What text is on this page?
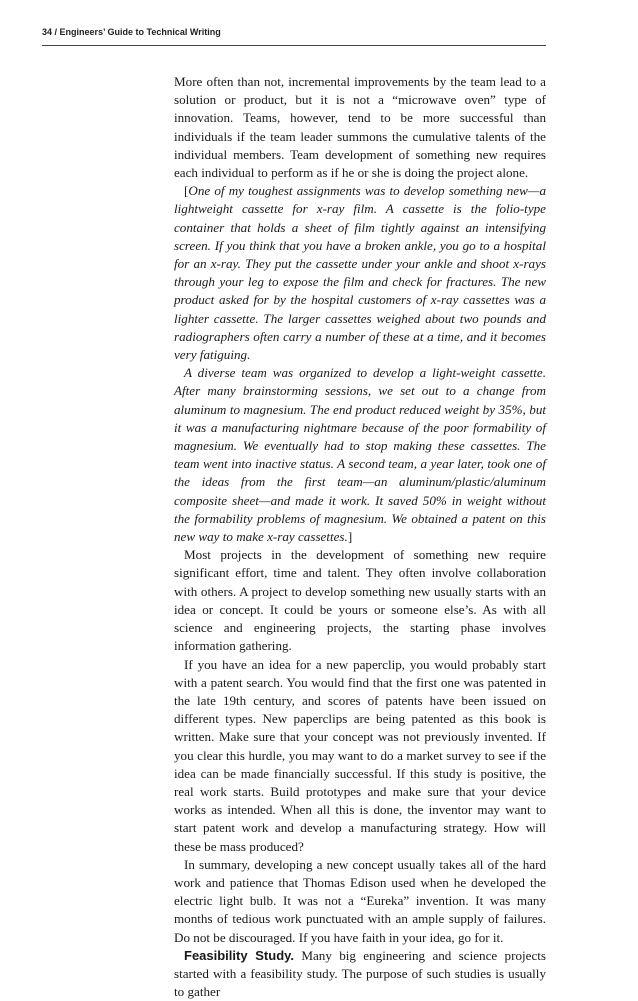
34 / Engineers’ Guide to Technical Writing

More often than not, incremental improvements by the team lead to a solution or product, but it is not a “microwave oven” type of innovation. Teams, however, tend to be more successful than individuals if the team leader summons the cumulative talents of the individual members. Team development of something new requires each individual to perform as if he or she is doing the project alone.

[One of my toughest assignments was to develop something new—a lightweight cassette for x-ray film. A cassette is the folio-type container that holds a sheet of film tightly against an intensifying screen. If you think that you have a broken ankle, you go to a hospital for an x-ray. They put the cassette under your ankle and shoot x-rays through your leg to expose the film and check for fractures. The new product asked for by the hospital customers of x-ray cassettes was a lighter cassette. The larger cassettes weighed about two pounds and radiographers often carry a number of these at a time, and it becomes very fatiguing.

A diverse team was organized to develop a light-weight cassette. After many brainstorming sessions, we set out to a change from aluminum to magnesium. The end product reduced weight by 35%, but it was a manufacturing nightmare because of the poor formability of magnesium. We eventually had to stop making these cassettes. The team went into inactive status. A second team, a year later, took one of the ideas from the first team—an aluminum/plastic/aluminum composite sheet—and made it work. It saved 50% in weight without the formability problems of magnesium. We obtained a patent on this new way to make x-ray cassettes.]

Most projects in the development of something new require significant effort, time and talent. They often involve collaboration with others. A project to develop something new usually starts with an idea or concept. It could be yours or someone else’s. As with all science and engineering projects, the starting phase involves information gathering.

If you have an idea for a new paperclip, you would probably start with a patent search. You would find that the first one was patented in the late 19th century, and scores of patents have been issued on different types. New paperclips are being patented as this book is written. Make sure that your concept was not previously invented. If you clear this hurdle, you may want to do a market survey to see if the idea can be made financially successful. If this study is positive, the real work starts. Build prototypes and make sure that your device works as intended. When all this is done, the inventor may want to start patent work and develop a manufacturing strategy. How will these be mass produced?

In summary, developing a new concept usually takes all of the hard work and patience that Thomas Edison used when he developed the electric light bulb. It was not a “Eureka” invention. It was many months of tedious work punctuated with an ample supply of failures. Do not be discouraged. If you have faith in your idea, go for it.

Feasibility Study. Many big engineering and science projects started with a feasibility study. The purpose of such studies is usually to gather
